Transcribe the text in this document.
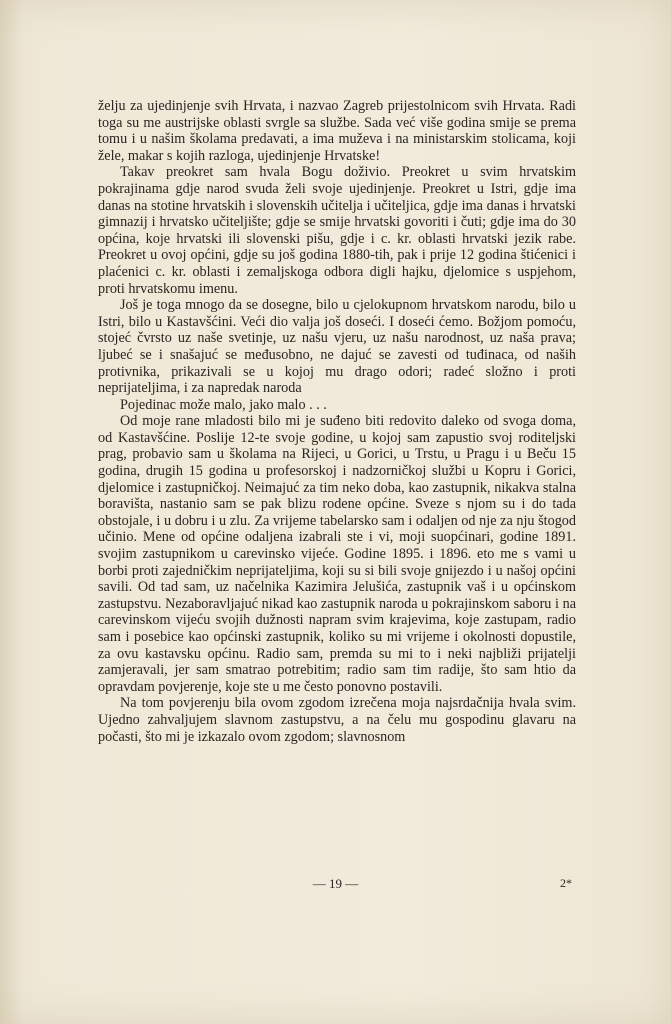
želju za ujedinjenje svih Hrvata, i nazvao Zagreb prijestolnicom svih Hrvata. Radi toga su me austrijske oblasti svrgle sa službe. Sada već više godina smije se prema tomu i u našim školama predavati, a ima muževa i na ministarskim stolicama, koji žele, makar s kojih razloga, ujedinjenje Hrvatske!

Takav preokret sam hvala Bogu doživio. Preokret u svim hrvatskim pokrajinama gdje narod svuda želi svoje ujedinjenje. Preokret u Istri, gdje ima danas na stotine hrvatskih i slovenskih učitelja i učiteljica, gdje ima danas i hrvatski gimnazij i hrvatsko učiteljište; gdje se smije hrvatski govoriti i čuti; gdje ima do 30 općina, koje hrvatski ili slovenski pišu, gdje i c. kr. oblasti hrvatski jezik rabe. Preokret u ovoj općini, gdje su još godina 1880-tih, pak i prije 12 godina štićenici i plaćenici c. kr. oblasti i zemaljskoga odbora digli hajku, djelomice s uspjehom, proti hrvatskomu imenu.

Još je toga mnogo da se dosegne, bilo u cjelokupnom hrvatskom narodu, bilo u Istri, bilo u Kastavšćini. Veći dio valja još doseći. I doseći ćemo. Božjom pomoću, stojeć čvrsto uz naše svetinje, uz našu vjeru, uz našu narodnost, uz naša prava; ljubeć se i snašajuć se međusobno, ne dajuć se zavesti od tuđinaca, od naših protivnika, prikazivali se u kojoj mu drago odori; radeć složno i proti neprijateljima, i za napredak naroda

Pojedinac može malo, jako malo . . .

Od moje rane mladosti bilo mi je suđeno biti redovito daleko od svoga doma, od Kastavšćine. Poslije 12-te svoje godine, u kojoj sam zapustio svoj roditeljski prag, probavio sam u školama na Rijeci, u Gorici, u Trstu, u Pragu i u Beču 15 godina, drugih 15 godina u profesorskoj i nadzorničkoj službi u Kopru i Gorici, djelomice i zastupničkoj. Neimajuć za tim neko doba, kao zastupnik, nikakva stalna boravišta, nastanio sam se pak blizu rodene općine. Sveze s njom su i do tada obstojale, i u dobru i u zlu. Za vrijeme tabelarsko sam i odaljen od nje za nju štogod učinio. Mene od općine odaljena izabrali ste i vi, moji suopćinari, godine 1891. svojim zastupnikom u carevinsko vijeće. Godine 1895. i 1896. eto me s vami u borbi proti zajedničkim neprijateljima, koji su si bili svoje gnijezdo i u našoj općini savili. Od tad sam, uz načelnika Kazimira Jelušića, zastupnik vaš i u općinskom zastupstvu. Nezaboravljajuć nikad kao zastupnik naroda u pokrajinskom saboru i na carevinskom vijeću svojih dužnosti napram svim krajevima, koje zastupam, radio sam i posebice kao općinski zastupnik, koliko su mi vrijeme i okolnosti dopustile, za ovu kastavsku općinu. Radio sam, premda su mi to i neki najbliži prijatelji zamjeravali, jer sam smatrao potrebitim; radio sam tim radije, što sam htio da opravdam povjerenje, koje ste u me često ponovno postavili.

Na tom povjerenju bila ovom zgodom izrečena moja najsrdačnija hvala svim. Ujedno zahvaljujem slavnom zastupstvu, a na čelu mu gospodinu glavaru na počasti, što mi je izkazalo ovom zgodom; slavnosnom

— 19 —	2*
